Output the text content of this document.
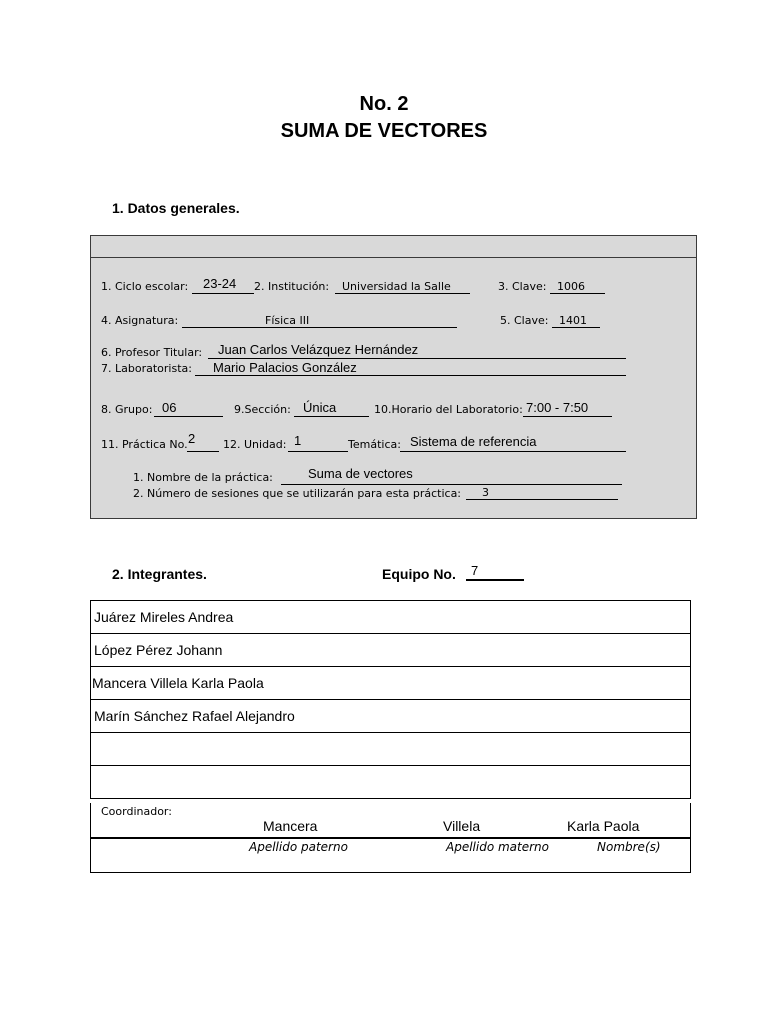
No. 2
SUMA DE VECTORES
1. Datos generales.
1. Ciclo escolar: 23-24 2. Institución: Universidad la Salle	3. Clave: 1006
4. Asignatura:	Física III	5. Clave: 1401
6. Profesor Titular: Juan Carlos Velázquez Hernández
7. Laboratorista: Mario Palacios González
8. Grupo: 06	9.Sección: Única	10.Horario del Laboratorio: 7:00 - 7:50
11. Práctica No. 2	12. Unidad: 1	Temática: Sistema de referencia
1. Nombre de la práctica:	Suma de vectores
2. Número de sesiones que se utilizarán para esta práctica: 3
2. Integrantes.	Equipo No. 7
Juárez Mireles Andrea
López Pérez Johann
Mancera Villela Karla Paola
Marín Sánchez Rafael Alejandro

Coordinador:
Mancera	Villela	Karla Paola
Apellido paterno	Apellido materno	Nombre(s)
